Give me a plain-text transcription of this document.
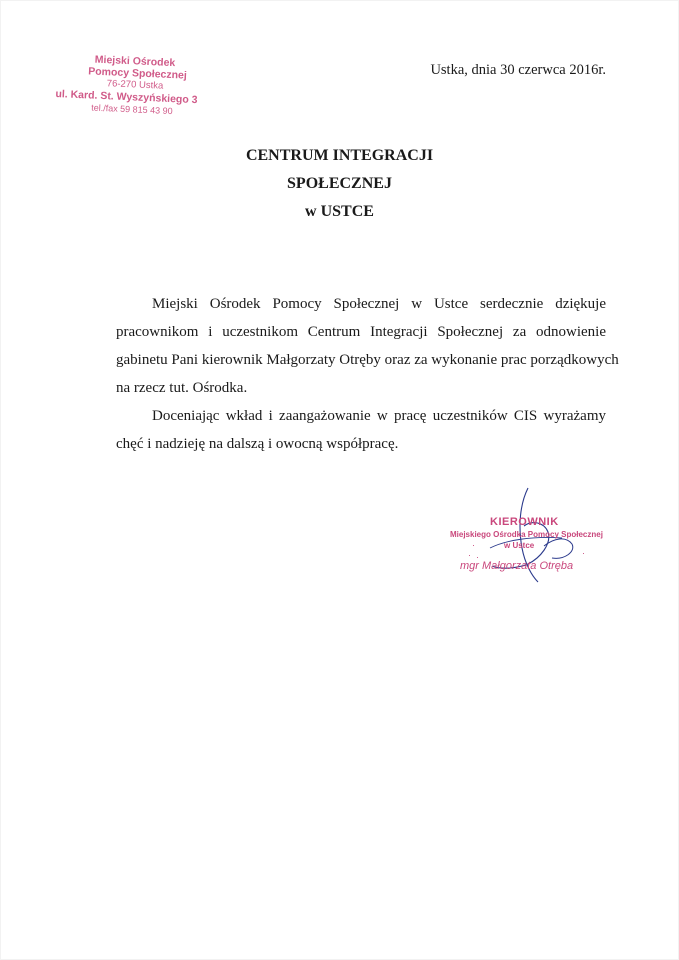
Miejski Ośrodek
Pomocy Społecznej
76-270 Ustka
ul. Kard. St. Wyszyńskiego 3
tel./fax 59 815 43 90
Ustka, dnia 30 czerwca 2016r.
CENTRUM INTEGRACJI
SPOŁECZNEJ
w USTCE
Miejski Ośrodek Pomocy Społecznej w Ustce serdecznie dziękuje
pracownikom i uczestnikom Centrum Integracji Społecznej za odnowienie
gabinetu Pani kierownik Małgorzaty Otręby oraz za wykonanie prac porządkowych
na rzecz tut. Ośrodka.
Doceniając wkład i zaangażowanie w pracę uczestników CIS wyrażamy
chęć i nadzieję na dalszą i owocną współpracę.
KIEROWNIK
Miejskiego Ośrodka Pomocy Społecznej
w Ustce
mgr Małgorzata Otręba
·
· ·	·
